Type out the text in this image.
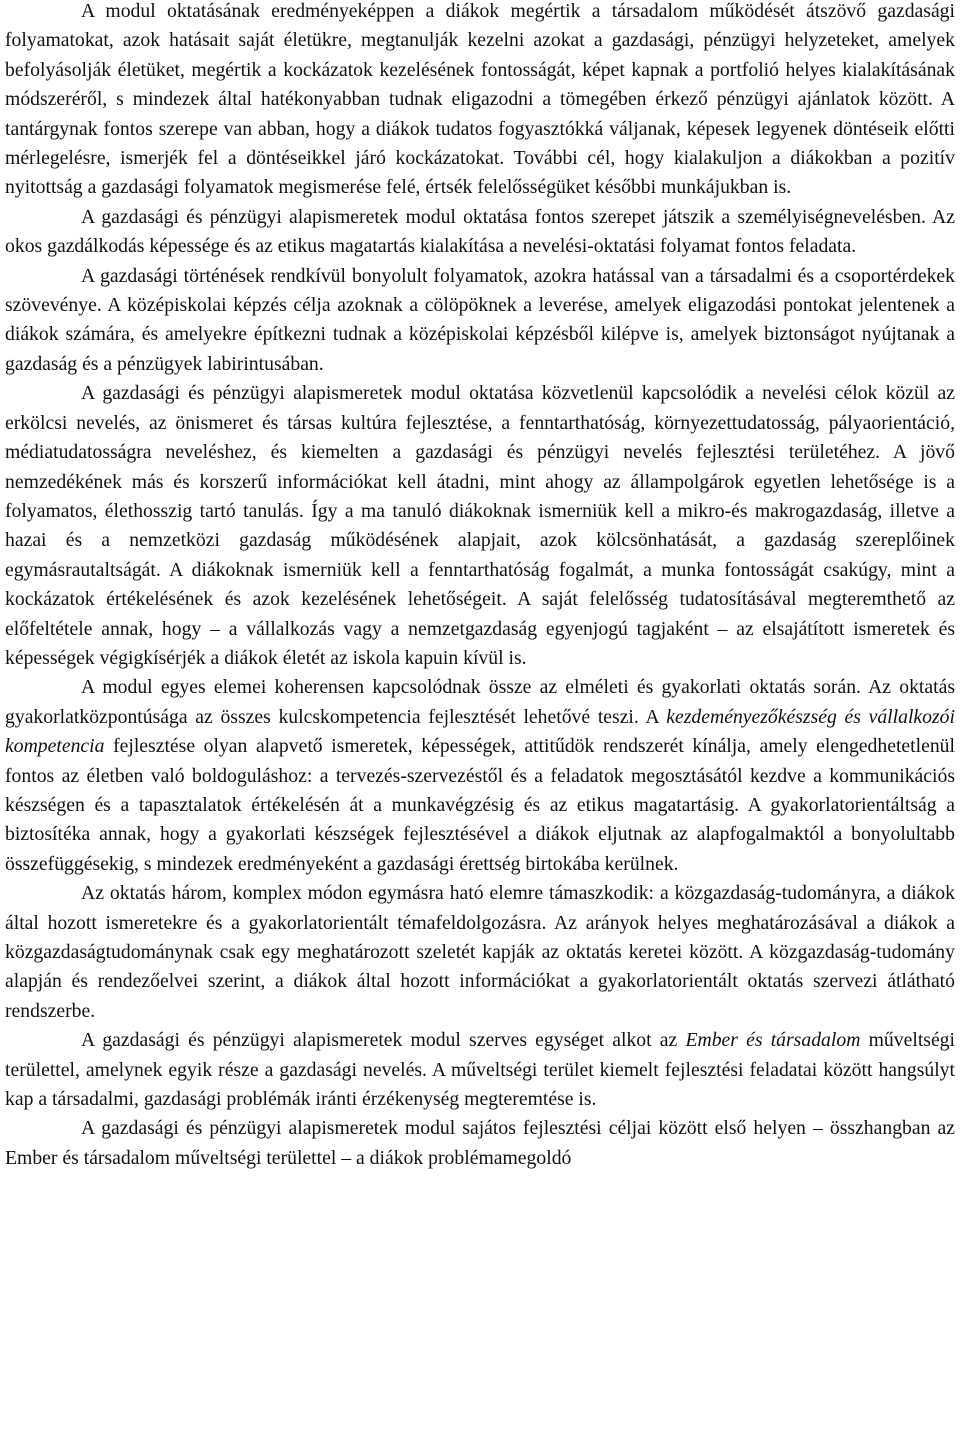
A modul oktatásának eredményeképpen a diákok megértik a társadalom működését átszövő gazdasági folyamatokat, azok hatásait saját életükre, megtanulják kezelni azokat a gazdasági, pénzügyi helyzeteket, amelyek befolyásolják életüket, megértik a kockázatok kezelésének fontosságát, képet kapnak a portfolió helyes kialakításának módszeréről, s mindezek által hatékonyabban tudnak eligazodni a tömegében érkező pénzügyi ajánlatok között. A tantárgynak fontos szerepe van abban, hogy a diákok tudatos fogyasztókká váljanak, képesek legyenek döntéseik előtti mérlegelésre, ismerjék fel a döntéseikkel járó kockázatokat. További cél, hogy kialakuljon a diákokban a pozitív nyitottság a gazdasági folyamatok megismerése felé, értsék felelősségüket későbbi munkájukban is.

A gazdasági és pénzügyi alapismeretek modul oktatása fontos szerepet játszik a személyiségnevelésben. Az okos gazdálkodás képessége és az etikus magatartás kialakítása a nevelési-oktatási folyamat fontos feladata.

A gazdasági történések rendkívül bonyolult folyamatok, azokra hatással van a társadalmi és a csoportérdekek szövevénye. A középiskolai képzés célja azoknak a cölöpöknek a leverése, amelyek eligazodási pontokat jelentenek a diákok számára, és amelyekre építkezni tudnak a középiskolai képzésből kilépve is, amelyek biztonságot nyújtanak a gazdaság és a pénzügyek labirintusában.

A gazdasági és pénzügyi alapismeretek modul oktatása közvetlenül kapcsolódik a nevelési célok közül az erkölcsi nevelés, az önismeret és társas kultúra fejlesztése, a fenntarthatóság, környezettudatosság, pályaorientáció, médiatudatosságra neveléshez, és kiemelten a gazdasági és pénzügyi nevelés fejlesztési területéhez. A jövő nemzedékének más és korszerű információkat kell átadni, mint ahogy az állampolgárok egyetlen lehetősége is a folyamatos, élethosszig tartó tanulás. Így a ma tanuló diákoknak ismerniük kell a mikro-és makrogazdaság, illetve a hazai és a nemzetközi gazdaság működésének alapjait, azok kölcsönhatását, a gazdaság szereplőinek egymásrautaltságát. A diákoknak ismerniük kell a fenntarthatóság fogalmát, a munka fontosságát csakúgy, mint a kockázatok értékelésének és azok kezelésének lehetőségeit. A saját felelősség tudatosításával megteremthető az előfeltétele annak, hogy – a vállalkozás vagy a nemzetgazdaság egyenjogú tagjaként – az elsajátított ismeretek és képességek végigkísérjék a diákok életét az iskola kapuin kívül is.

A modul egyes elemei koherensen kapcsolódnak össze az elméleti és gyakorlati oktatás során. Az oktatás gyakorlatközpontúsága az összes kulcskompetencia fejlesztését lehetővé teszi. A kezdeményezőkészség és vállalkozói kompetencia fejlesztése olyan alapvető ismeretek, képességek, attitűdök rendszerét kínálja, amely elengedhetetlenül fontos az életben való boldoguláshoz: a tervezés-szervezéstől és a feladatok megosztásától kezdve a kommunikációs készségen és a tapasztalatok értékelésén át a munkavégzésig és az etikus magatartásig. A gyakorlatorientáltság a biztosítéka annak, hogy a gyakorlati készségek fejlesztésével a diákok eljutnak az alapfogalmaktól a bonyolultabb összefüggésekig, s mindezek eredményeként a gazdasági érettség birtokába kerülnek.

Az oktatás három, komplex módon egymásra ható elemre támaszkodik: a közgazdaság-tudományra, a diákok által hozott ismeretekre és a gyakorlatorientált témafeldolgozásra. Az arányok helyes meghatározásával a diákok a közgazdaságtudománynak csak egy meghatározott szeletét kapják az oktatás keretei között. A közgazdaság-tudomány alapján és rendezőelvei szerint, a diákok által hozott információkat a gyakorlatorientált oktatás szervezi átlátható rendszerbe.

A gazdasági és pénzügyi alapismeretek modul szerves egységet alkot az Ember és társadalom műveltségi területtel, amelynek egyik része a gazdasági nevelés. A műveltségi terület kiemelt fejlesztési feladatai között hangsúlyt kap a társadalmi, gazdasági problémák iránti érzékenység megteremtése is.

A gazdasági és pénzügyi alapismeretek modul sajátos fejlesztési céljai között első helyen – összhangban az Ember és társadalom műveltségi területtel – a diákok problémamegoldó
